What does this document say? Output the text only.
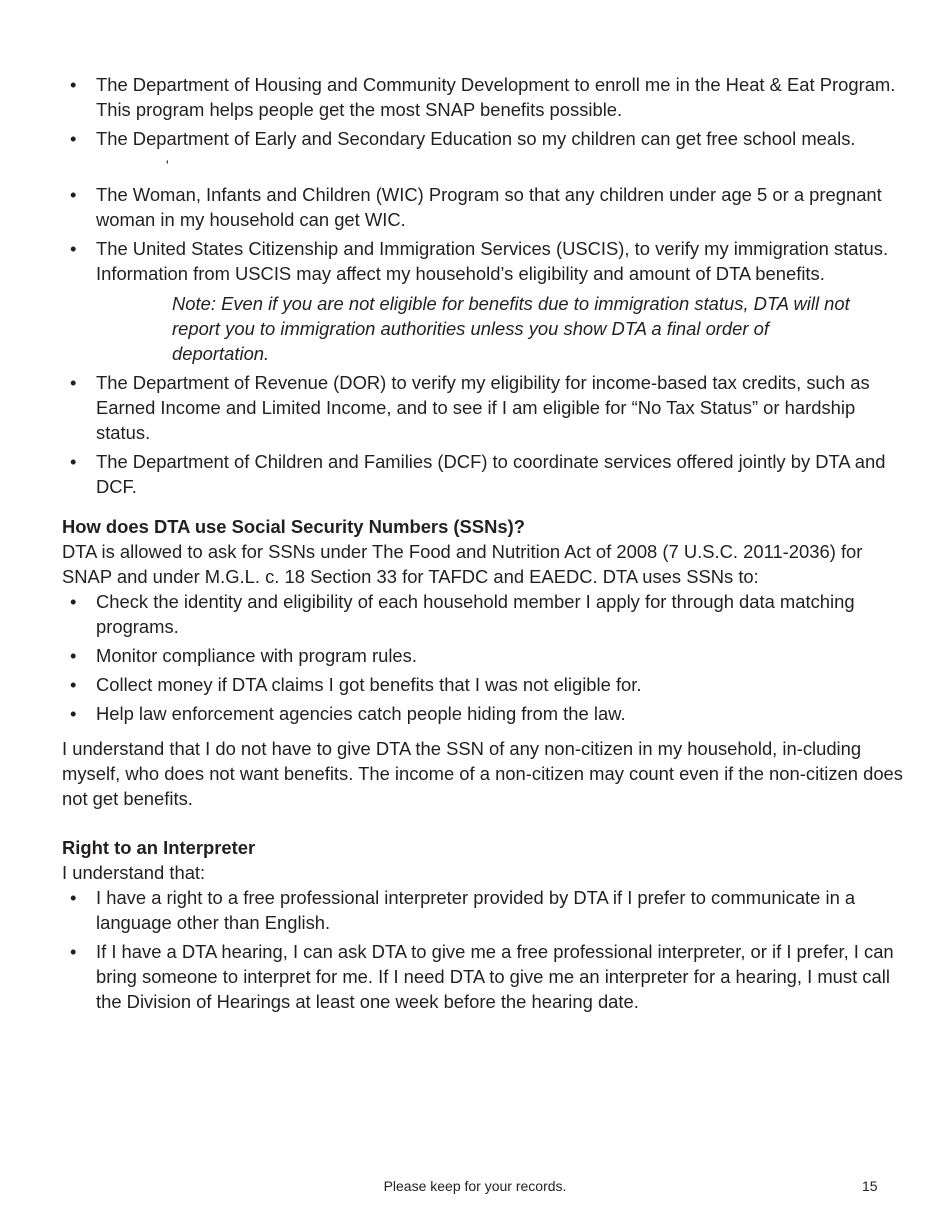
• The Department of Housing and Community Development to enroll me in the Heat & Eat Program. This program helps people get the most SNAP benefits possible.
• The Department of Early and Secondary Education so my children can get free school meals.'
• The Woman, Infants and Children (WIC) Program so that any children under age 5 or a pregnant woman in my household can get WIC.
• The United States Citizenship and Immigration Services (USCIS), to verify my immigration status. Information from USCIS may affect my household’s eligibility and amount of DTA benefits.

Note: Even if you are not eligible for benefits due to immigration status, DTA will not report you to immigration authorities unless you show DTA a final order of deportation.

• The Department of Revenue (DOR) to verify my eligibility for income-based tax credits, such as Earned Income and Limited Income, and to see if I am eligible for “No Tax Status” or hardship status.
• The Department of Children and Families (DCF) to coordinate services offered jointly by DTA and DCF.

How does DTA use Social Security Numbers (SSNs)?

DTA is allowed to ask for SSNs under The Food and Nutrition Act of 2008 (7 U.S.C. 2011-2036) for SNAP and under M.G.L. c. 18 Section 33 for TAFDC and EAEDC. DTA uses SSNs to:

• Check the identity and eligibility of each household member I apply for through data matching programs.
• Monitor compliance with program rules.
• Collect money if DTA claims I got benefits that I was not eligible for.
• Help law enforcement agencies catch people hiding from the law.

I understand that I do not have to give DTA the SSN of any non-citizen in my household, in-cluding myself, who does not want benefits. The income of a non-citizen may count even if the non-citizen does not get benefits.

Right to an Interpreter

I understand that:

• I have a right to a free professional interpreter provided by DTA if I prefer to communicate in a language other than English.
• If I have a DTA hearing, I can ask DTA to give me a free professional interpreter, or if I prefer, I can bring someone to interpret for me. If I need DTA to give me an interpreter for a hearing, I must call the Division of Hearings at least one week before the hearing date.
Please keep for your records.	15
